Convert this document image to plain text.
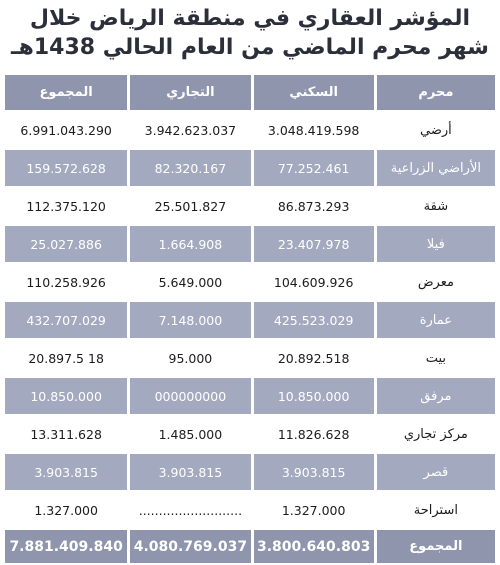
المؤشر العقاري في منطقة الرياض خلال
شهر محرم الماضي من العام الحالي 1438هـ
محرم	السكني	التجاري	المجموع
أرضي	3.048.419.598	3.942.623.037	6.991.043.290
الأراضي الزراعية	77.252.461	82.320.167	159.572.628
شقة	86.873.293	25.501.827	112.375.120
فيلا	23.407.978	1.664.908	25.027.886
معرض	104.609.926	5.649.000	110.258.926
عمارة	425.523.029	7.148.000	432.707.029
بيت	20.892.518	95.000	18 20.897.5
مرفق	10.850.000	000000000	10.850.000
مركز تجاري	11.826.628	1.485.000	13.311.628
قصر	3.903.815	3.903.815	3.903.815
استراحة	1.327.000	..........................	1.327.000
المجموع	3.800.640.803	4.080.769.037	7.881.409.840
